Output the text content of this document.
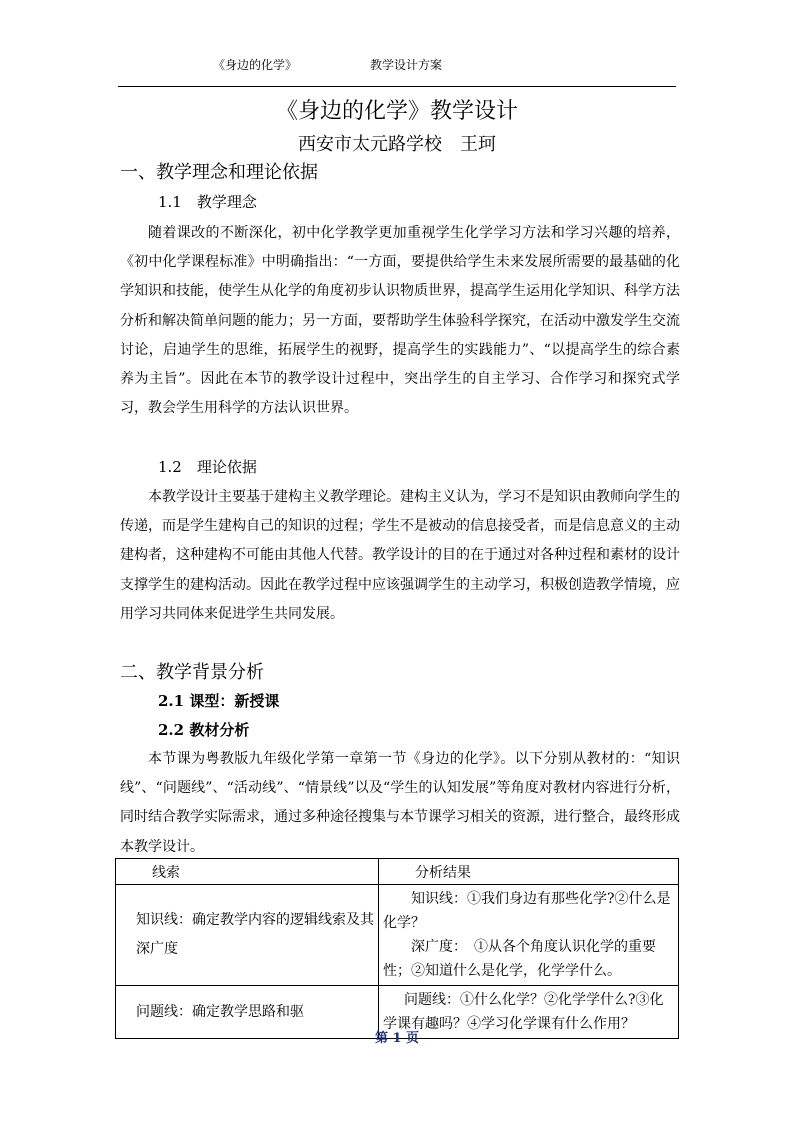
《身边的化学》	教学设计方案
《身边的化学》教学设计
西安市太元路学校　王珂
一、教学理念和理论依据
1.1　教学理念
随着课改的不断深化，初中化学教学更加重视学生化学学习方法和学习兴趣的培养，《初中化学课程标准》中明确指出：“一方面，要提供给学生未来发展所需要的最基础的化学知识和技能，使学生从化学的角度初步认识物质世界，提高学生运用化学知识、科学方法分析和解决简单问题的能力；另一方面，要帮助学生体验科学探究，在活动中激发学生交流讨论，启迪学生的思维，拓展学生的视野，提高学生的实践能力”、“以提高学生的综合素养为主旨”。因此在本节的教学设计过程中，突出学生的自主学习、合作学习和探究式学习，教会学生用科学的方法认识世界。
1.2　理论依据
本教学设计主要基于建构主义教学理论。建构主义认为，学习不是知识由教师向学生的传递，而是学生建构自己的知识的过程；学生不是被动的信息接受者，而是信息意义的主动建构者，这种建构不可能由其他人代替。教学设计的目的在于通过对各种过程和素材的设计支撑学生的建构活动。因此在教学过程中应该强调学生的主动学习，积极创造教学情境，应用学习共同体来促进学生共同发展。
二、教学背景分析
2.1 课型：新授课
2.2 教材分析
本节课为粤教版九年级化学第一章第一节《身边的化学》。以下分别从教材的：“知识线”、“问题线”、“活动线”、“情景线”以及“学生的认知发展”等角度对教材内容进行分析，同时结合教学实际需求，通过多种途径搜集与本节课学习相关的资源，进行整合，最终形成本教学设计。
线索	分析结果
知识线：确定教学内容的逻辑线索及其深广度	知识线：①我们身边有那些化学?②什么是化学？
深广度：　①从各个角度认识化学的重要性；②知道什么是化学，化学学什么。

问题线：确定教学思路和驱	问题线：①什么化学？②化学学什么?③化学课有趣吗？④学习化学课有什么作用？
第 1 页
